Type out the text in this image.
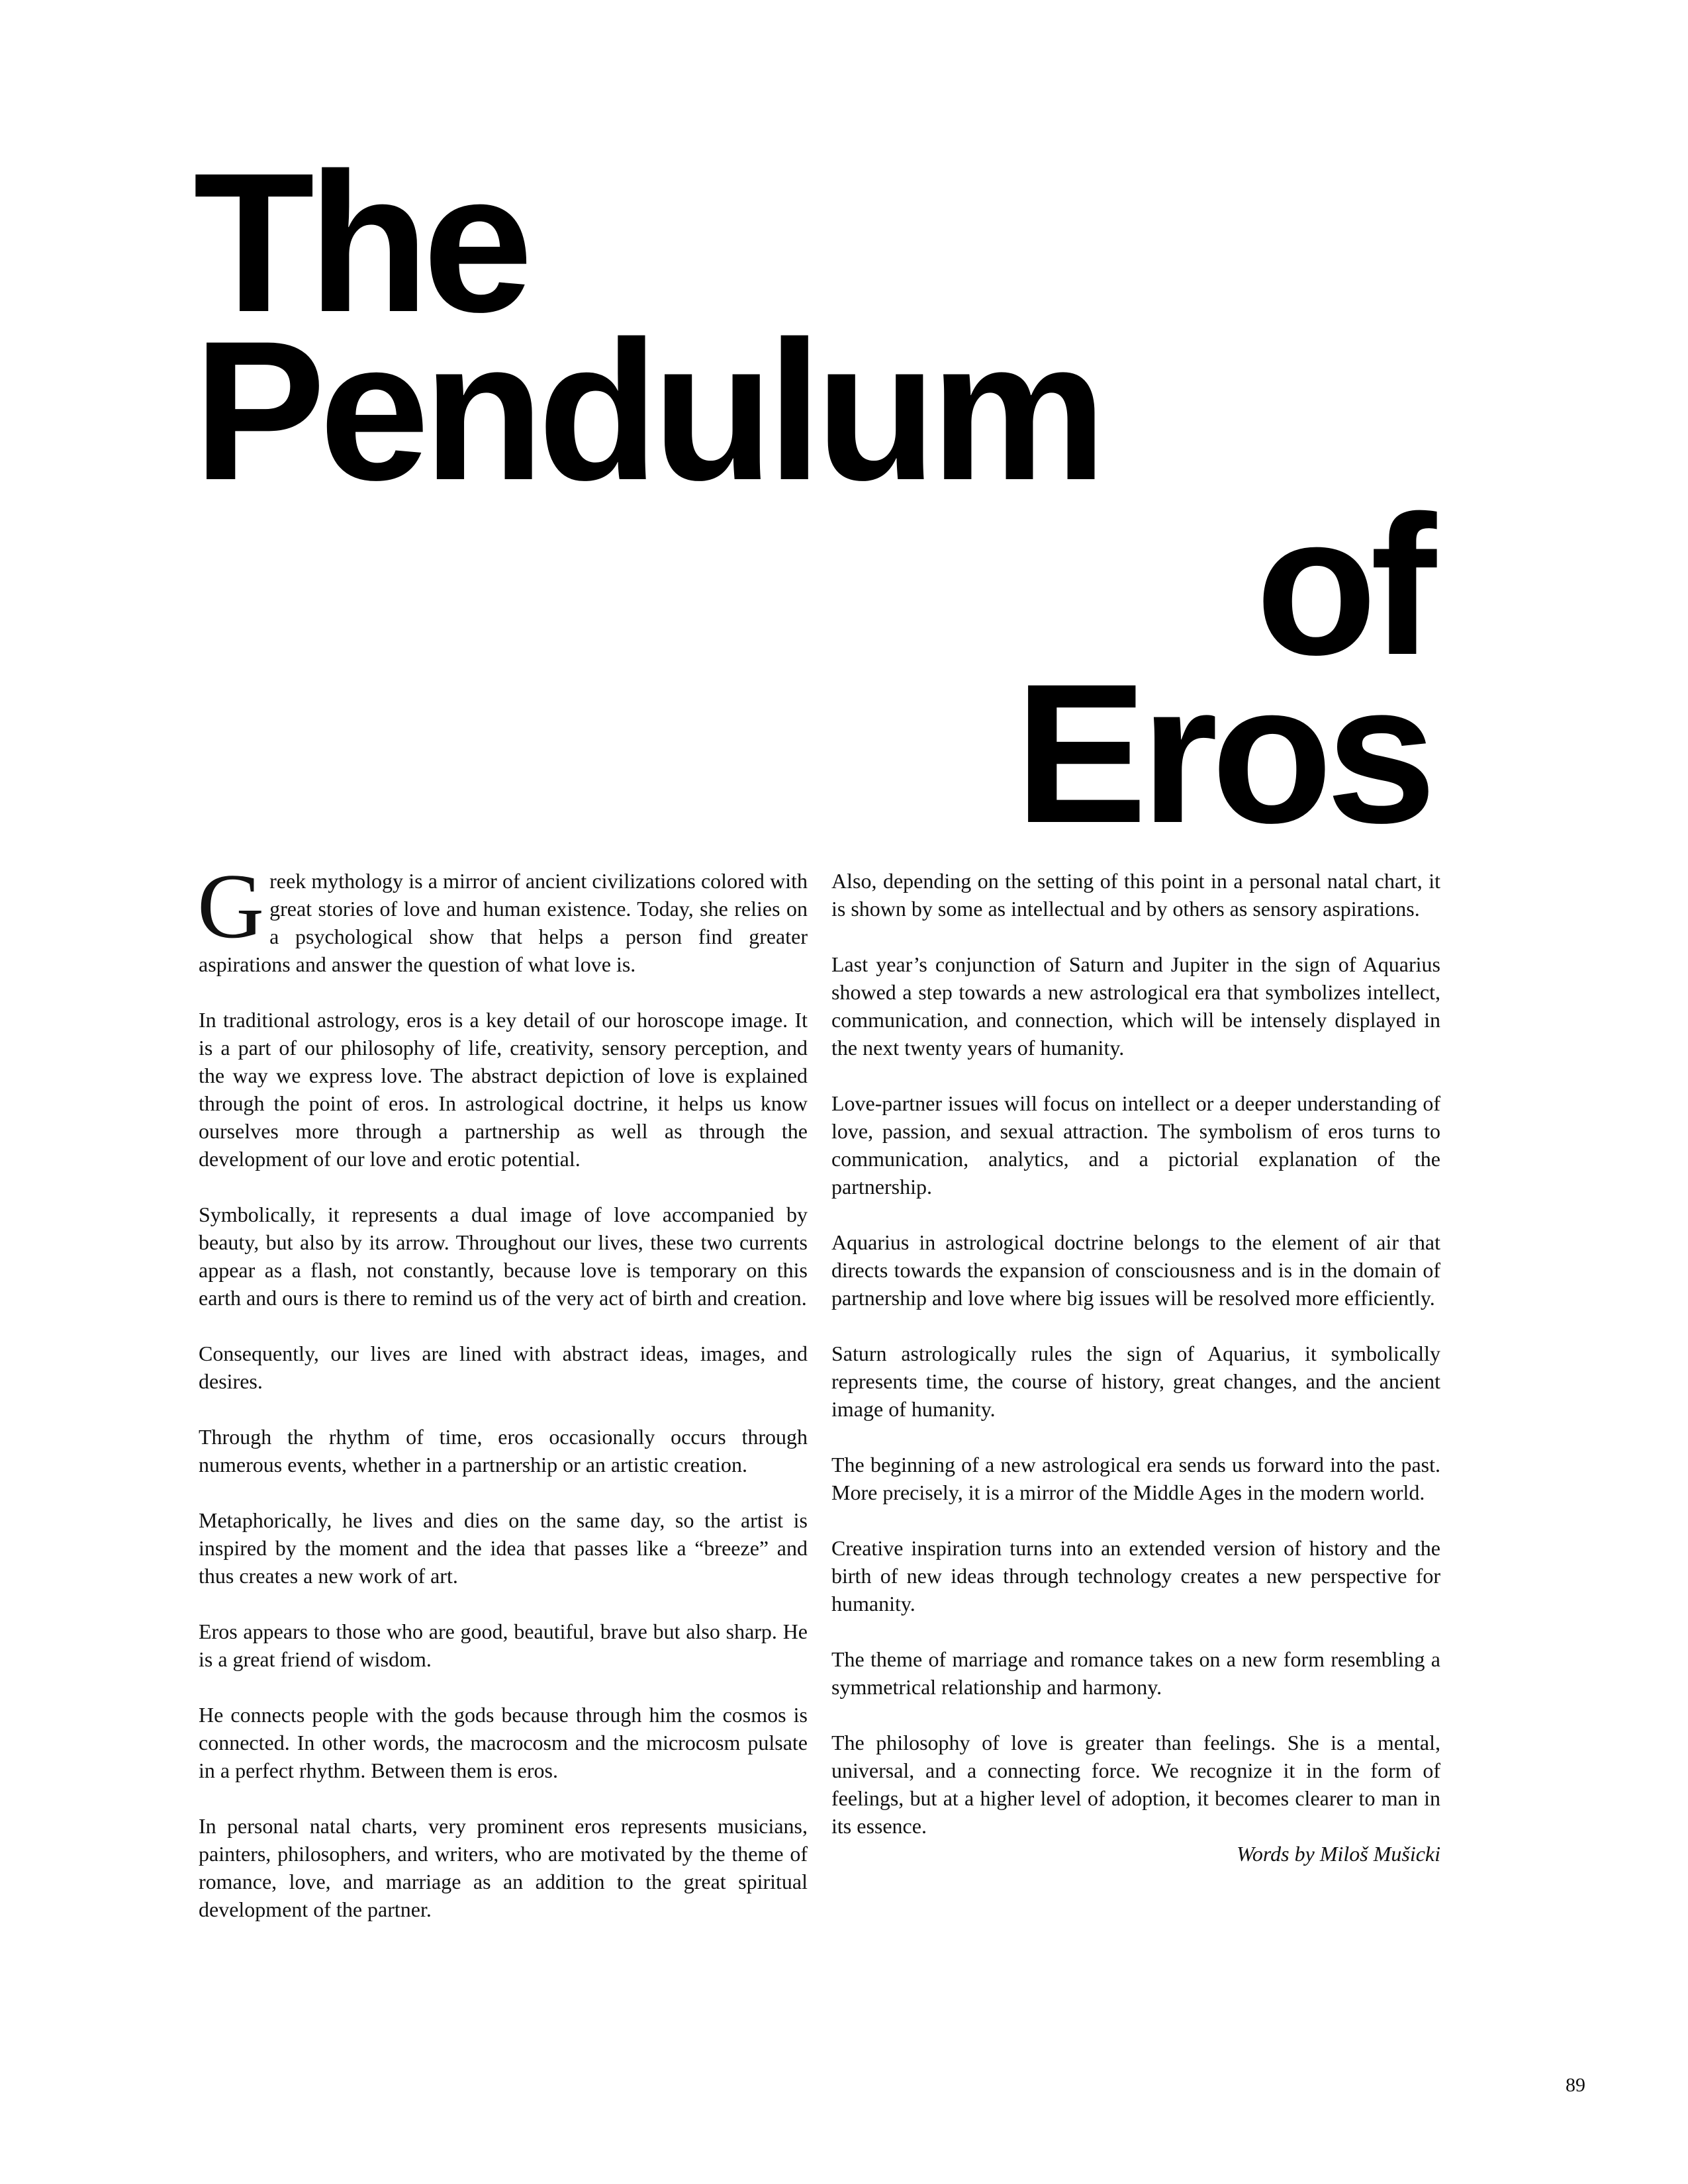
The
Pendulum
of
Eros

Greek mythology is a mirror of ancient civilizations colored with great stories of love and human existence. Today, she relies on a psychological show that helps a person find greater aspirations and answer the question of what love is.

In traditional astrology, eros is a key detail of our horoscope image. It is a part of our philosophy of life, creativity, sensory perception, and the way we express love. The abstract depiction of love is explained through the point of eros. In astrological doctrine, it helps us know ourselves more through a partnership as well as through the development of our love and erotic potential.

Symbolically, it represents a dual image of love accompanied by beauty, but also by its arrow. Throughout our lives, these two currents appear as a flash, not constantly, because love is temporary on this earth and ours is there to remind us of the very act of birth and creation.

Consequently, our lives are lined with abstract ideas, images, and desires.

Through the rhythm of time, eros occasionally occurs through numerous events, whether in a partnership or an artistic creation.

Metaphorically, he lives and dies on the same day, so the artist is inspired by the moment and the idea that passes like a “breeze” and thus creates a new work of art.

Eros appears to those who are good, beautiful, brave but also sharp. He is a great friend of wisdom.

He connects people with the gods because through him the cosmos is connected. In other words, the macrocosm and the microcosm pulsate in a perfect rhythm. Between them is eros.

In personal natal charts, very prominent eros represents musicians, painters, philosophers, and writers, who are motivated by the theme of romance, love, and marriage as an addition to the great spiritual development of the partner.

Also, depending on the setting of this point in a personal natal chart, it is shown by some as intellectual and by others as sensory aspirations.

Last year’s conjunction of Saturn and Jupiter in the sign of Aquarius showed a step towards a new astrological era that symbolizes intellect, communication, and connection, which will be intensely displayed in the next twenty years of humanity.

Love-partner issues will focus on intellect or a deeper understanding of love, passion, and sexual attraction. The symbolism of eros turns to communication, analytics, and a pictorial explanation of the partnership.

Aquarius in astrological doctrine belongs to the element of air that directs towards the expansion of consciousness and is in the domain of partnership and love where big issues will be resolved more efficiently.

Saturn astrologically rules the sign of Aquarius, it symbolically represents time, the course of history, great changes, and the ancient image of humanity.

The beginning of a new astrological era sends us forward into the past. More precisely, it is a mirror of the Middle Ages in the modern world.

Creative inspiration turns into an extended version of history and the birth of new ideas through technology creates a new perspective for humanity.

The theme of marriage and romance takes on a new form resembling a symmetrical relationship and harmony.

The philosophy of love is greater than feelings. She is a mental, universal, and a connecting force. We recognize it in the form of feelings, but at a higher level of adoption, it becomes clearer to man in its essence.

Words by Miloš Mušicki
89
